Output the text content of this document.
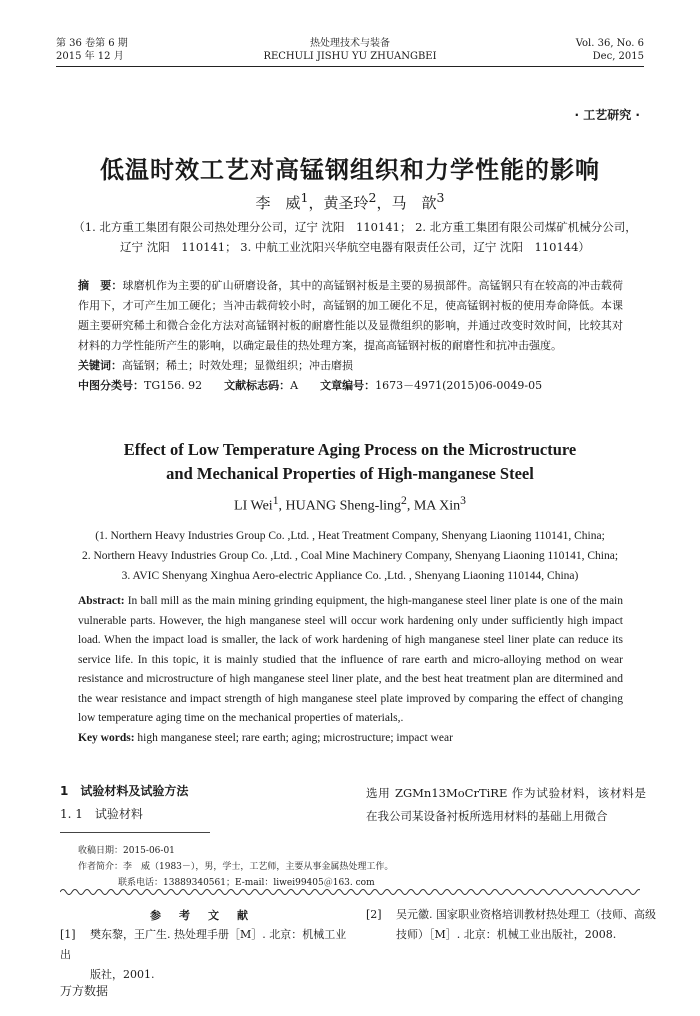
第 36 卷第 6 期
2015 年 12 月
热处理技术与装备
RECHULI JISHU YU ZHUANGBEI
Vol. 36, No. 6
Dec, 2015
· 工艺研究 ·
低温时效工艺对高锰钢组织和力学性能的影响
李　威$^1$，黄圣玲$^2$，马　歆$^3$
（1. 北方重工集团有限公司热处理分公司，辽宁 沈阳　110141； 2. 北方重工集团有限公司煤矿机械分公司，
辽宁 沈阳　110141； 3. 中航工业沈阳兴华航空电器有限责任公司，辽宁 沈阳　110144）

摘　要：球磨机作为主要的矿山研磨设备，其中的高锰钢衬板是主要的易损部件。高锰钢只有在较高的冲击载荷作用下，才可产生加工硬化；当冲击载荷较小时，高锰钢的加工硬化不足，使高锰钢衬板的使用寿命降低。本课题主要研究稀土和微合金化方法对高锰钢衬板的耐磨性能以及显微组织的影响，并通过改变时效时间，比较其对材料的力学性能所产生的影响，以确定最佳的热处理方案，提高高锰钢衬板的耐磨性和抗冲击强度。

关键词：高锰钢；稀土；时效处理；显微组织；冲击磨损

中图分类号：TG156. 92　　 文献标志码：A　　 文章编号：1673－4971(2015)06-0049-05

Effect of Low Temperature Aging Process on the Microstructure
and Mechanical Properties of High-manganese Steel
LI Wei$^1$, HUANG Sheng-ling$^2$, MA Xin$^3$
(1. Northern Heavy Industries Group Co. ,Ltd. , Heat Treatment Company, Shenyang Liaoning 110141, China;
2. Northern Heavy Industries Group Co. ,Ltd. , Coal Mine Machinery Company, Shenyang Liaoning 110141, China;
3. AVIC Shenyang Xinghua Aero-electric Appliance Co. ,Ltd. , Shenyang Liaoning 110144, China)
Abstract: In ball mill as the main mining grinding equipment, the high-manganese steel liner plate is one of the main vulnerable parts. However, the high manganese steel will occur work hardening only under sufficiently high impact load. When the impact load is smaller, the lack of work hardening of high manganese steel liner plate can reduce its service life. In this topic, it is mainly studied that the influence of rare earth and micro-alloying method on wear resistance and microstructure of high manganese steel liner plate, and the best heat treatment plan are ditermined and the wear resistance and impact strength of high manganese steel plate improved by comparing the effect of changing low temperature aging time on the mechanical properties of materials,.
Key words: high manganese steel; rare earth; aging; microstructure; impact wear
1　试验材料及试验方法
1. 1　试验材料
选用 ZGMn13MoCrTiRE 作为试验材料，该材料是在我公司某设备衬板所选用材料的基础上用微合
收稿日期：2015-06-01
作者简介：李　威（1983－），男，学士，工艺师，主要从事金属热处理工作。
联系电话：13889340561；E-mail：liwei99405＠163. com
参考文献
[1] 樊东黎，王广生. 热处理手册［M］. 北京：机械工业出
版社，2001.
[2] 吴元徽. 国家职业资格培训教材热处理工（技师、高级
技师）［M］. 北京：机械工业出版社，2008.
万方数据
